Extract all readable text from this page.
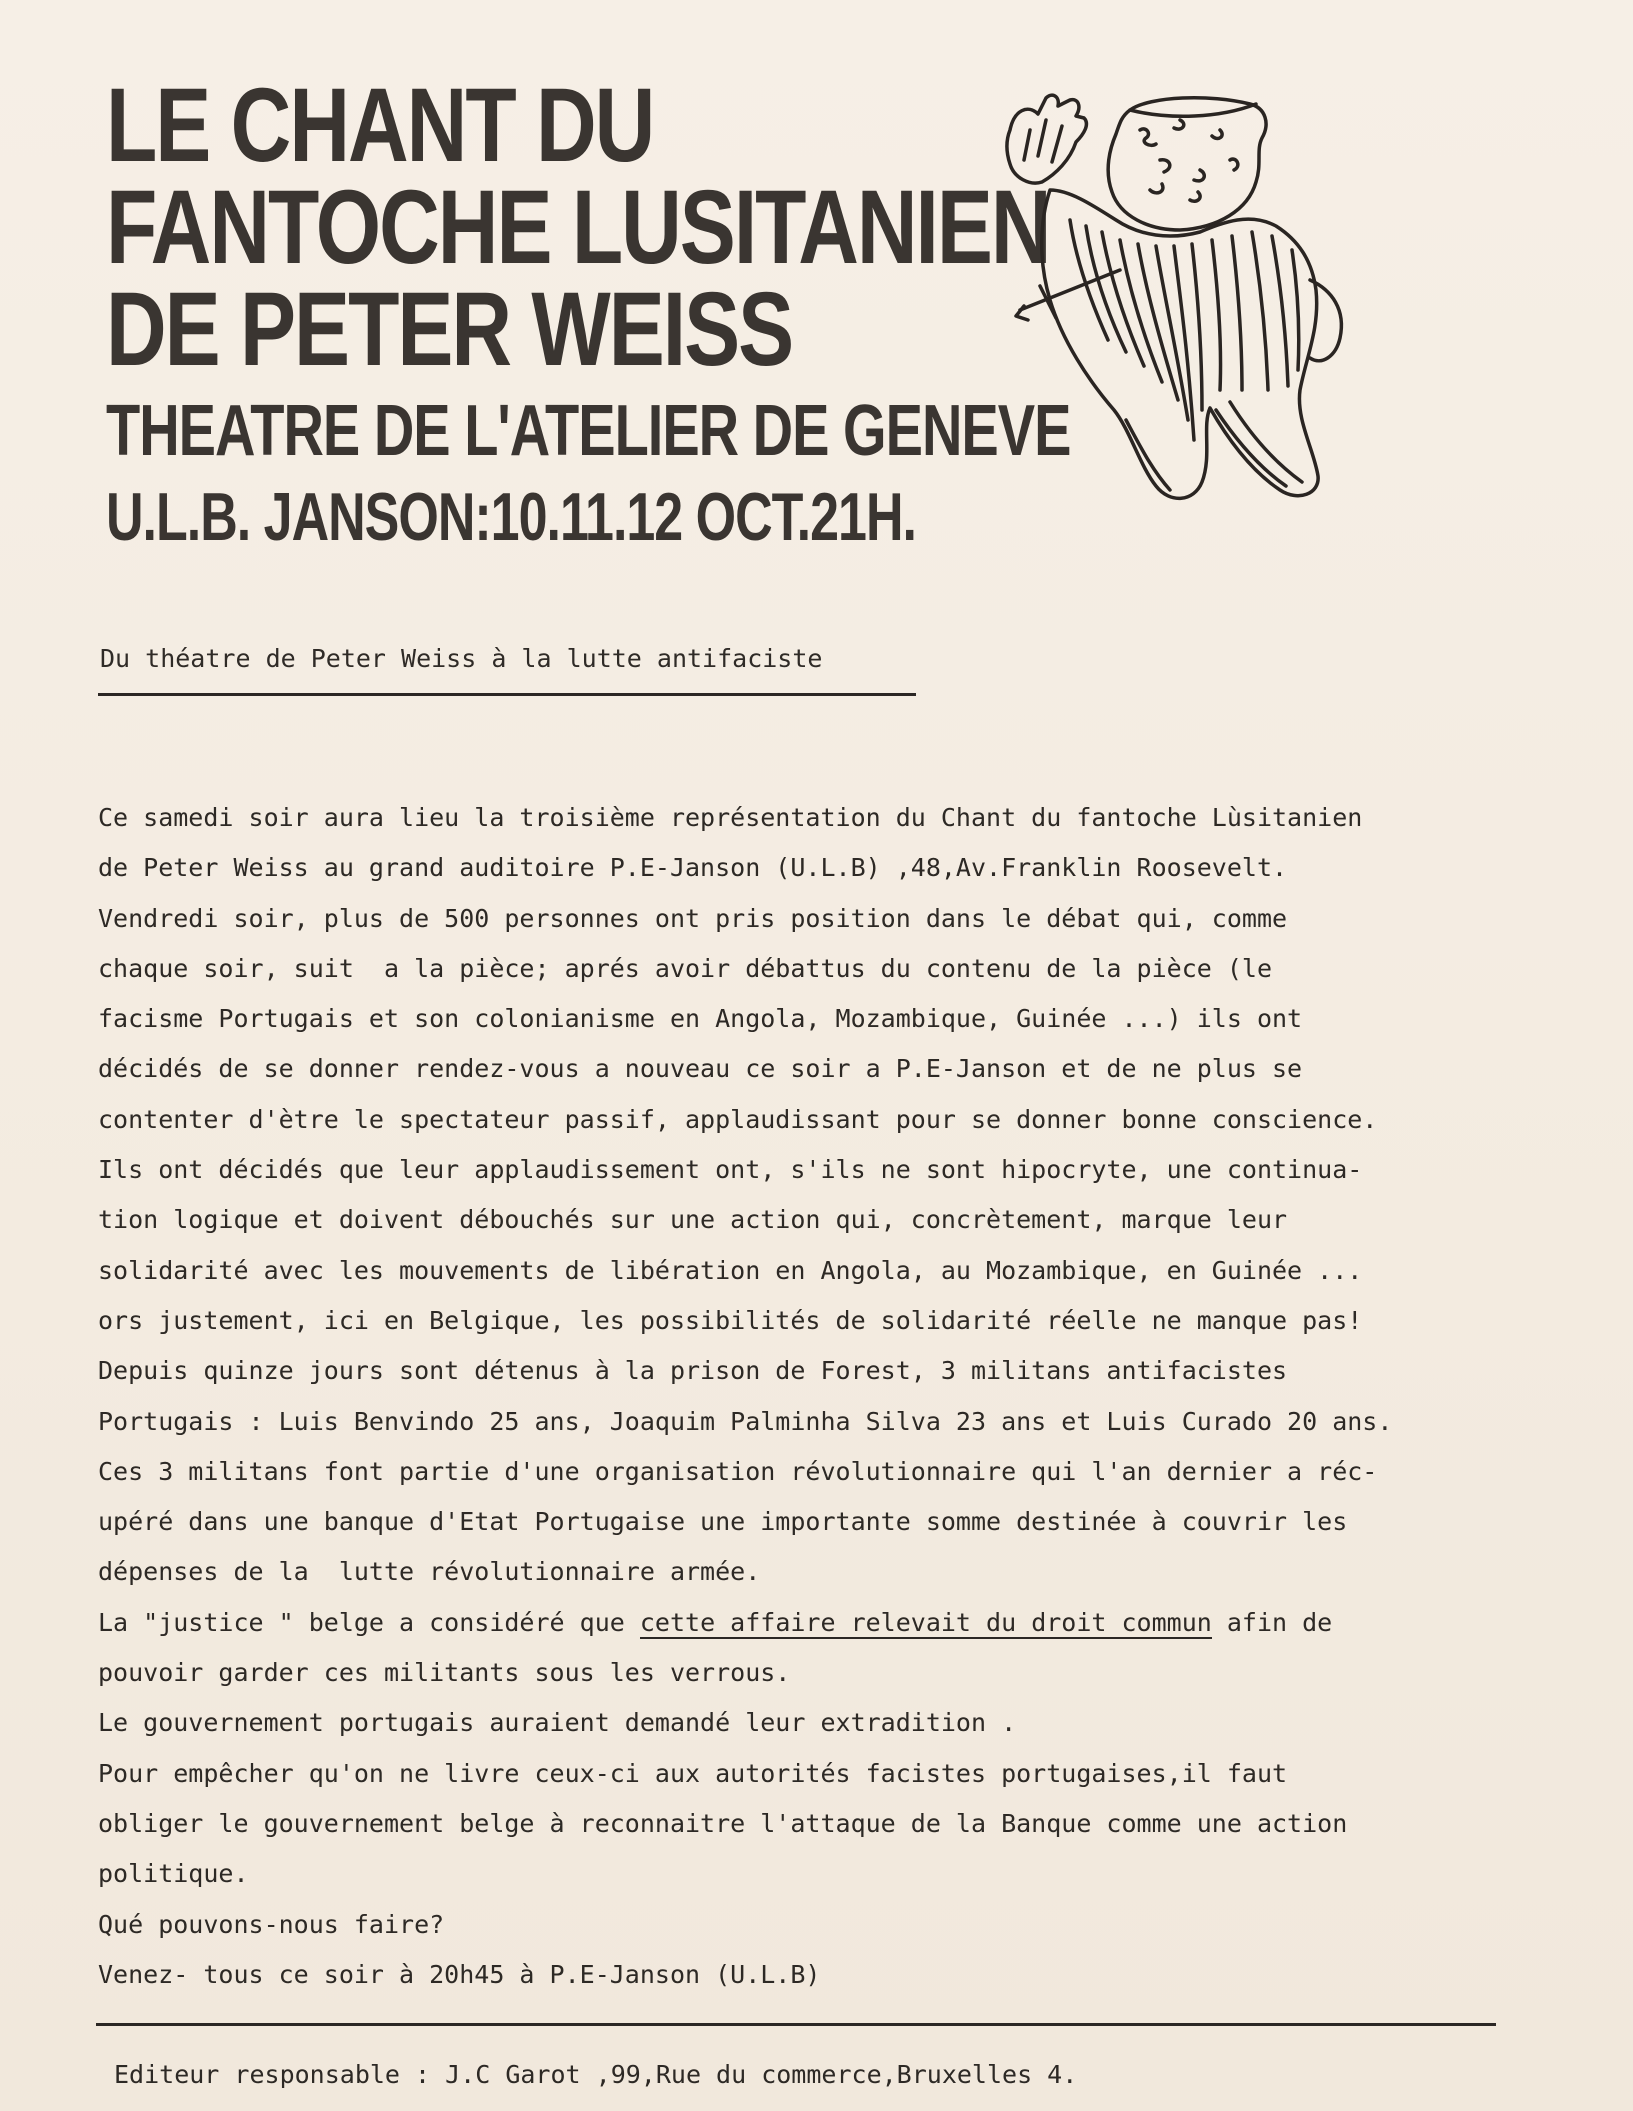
LE CHANT DU
FANTOCHE LUSITANIEN
DE PETER WEISS
THEATRE DE L'ATELIER DE GENEVE
U.L.B. JANSON:10.11.12 OCT.21H.
Du théatre de Peter Weiss à la lutte antifaciste
Ce samedi soir aura lieu la troisième représentation du Chant du fantoche Lùsitanien
de Peter Weiss au grand auditoire P.E-Janson (U.L.B) ,48,Av.Franklin Roosevelt.
Vendredi soir, plus de 500 personnes ont pris position dans le débat qui, comme
chaque soir, suit  a la pièce; aprés avoir débattus du contenu de la pièce (le
facisme Portugais et son colonianisme en Angola, Mozambique, Guinée ...) ils ont
décidés de se donner rendez-vous a nouveau ce soir a P.E-Janson et de ne plus se
contenter d'ètre le spectateur passif, applaudissant pour se donner bonne conscience.
Ils ont décidés que leur applaudissement ont, s'ils ne sont hipocryte, une continua-
tion logique et doivent débouchés sur une action qui, concrètement, marque leur
solidarité avec les mouvements de libération en Angola, au Mozambique, en Guinée ...
ors justement, ici en Belgique, les possibilités de solidarité réelle ne manque pas!
Depuis quinze jours sont détenus à la prison de Forest, 3 militans antifacistes
Portugais : Luis Benvindo 25 ans, Joaquim Palminha Silva 23 ans et Luis Curado 20 ans.
Ces 3 militans font partie d'une organisation révolutionnaire qui l'an dernier a réc-
upéré dans une banque d'Etat Portugaise une importante somme destinée à couvrir les
dépenses de la  lutte révolutionnaire armée.
La "justice " belge a considéré que cette affaire relevait du droit commun afin de
pouvoir garder ces militants sous les verrous.
Le gouvernement portugais auraient demandé leur extradition .
Pour empêcher qu'on ne livre ceux-ci aux autorités facistes portugaises,il faut
obliger le gouvernement belge à reconnaitre l'attaque de la Banque comme une action
politique.
Qué pouvons-nous faire?
Venez- tous ce soir à 20h45 à P.E-Janson (U.L.B)
Editeur responsable : J.C Garot ,99,Rue du commerce,Bruxelles 4.
